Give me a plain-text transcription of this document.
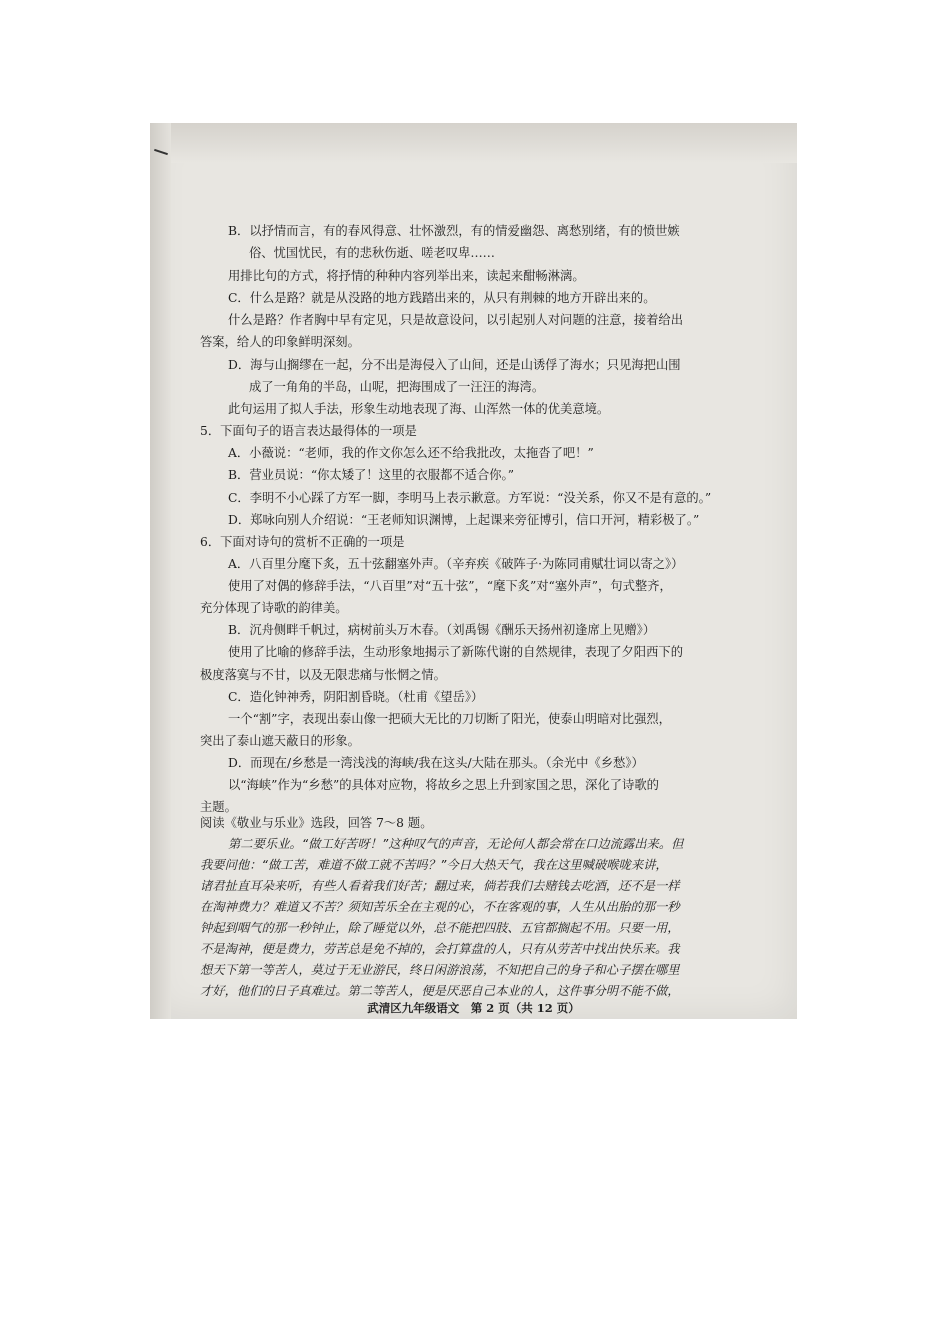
B．以抒情而言，有的春风得意、壮怀激烈，有的情爱幽怨、离愁别绪，有的愤世嫉
俗、忧国忧民，有的悲秋伤逝、嗟老叹卑……
用排比句的方式，将抒情的种种内容列举出来，读起来酣畅淋漓。
C．什么是路？就是从没路的地方践踏出来的，从只有荆棘的地方开辟出来的。
什么是路？作者胸中早有定见，只是故意设问，以引起别人对问题的注意，接着给出
答案，给人的印象鲜明深刻。
D．海与山搁缪在一起，分不出是海侵入了山间，还是山诱俘了海水；只见海把山围
成了一角角的半岛，山呢，把海围成了一汪汪的海湾。
此句运用了拟人手法，形象生动地表现了海、山浑然一体的优美意境。
5．下面句子的语言表达最得体的一项是
A．小薇说：“老师，我的作文你怎么还不给我批改，太拖沓了吧！”
B．营业员说：“你太矮了！这里的衣服都不适合你。”
C．李明不小心踩了方军一脚，李明马上表示歉意。方军说：“没关系，你又不是有意的。”
D．郑咏向别人介绍说：“王老师知识渊博，上起课来旁征博引，信口开河，精彩极了。”
6．下面对诗句的赏析不正确的一项是
A．八百里分麾下炙，五十弦翻塞外声。（辛弃疾《破阵子·为陈同甫赋壮词以寄之》）
使用了对偶的修辞手法，“八百里”对“五十弦”，“麾下炙”对“塞外声”，句式整齐，
充分体现了诗歌的韵律美。
B．沉舟侧畔千帆过，病树前头万木春。（刘禹锡《酬乐天扬州初逢席上见赠》）
使用了比喻的修辞手法，生动形象地揭示了新陈代谢的自然规律，表现了夕阳西下的
极度落寞与不甘，以及无限悲痛与怅惘之情。
C．造化钟神秀，阴阳割昏晓。（杜甫《望岳》）
一个“割”字，表现出泰山像一把硕大无比的刀切断了阳光，使泰山明暗对比强烈，
突出了泰山遮天蔽日的形象。
D．而现在/乡愁是一湾浅浅的海峡/我在这头/大陆在那头。（余光中《乡愁》）
以“海峡”作为“乡愁”的具体对应物，将故乡之思上升到家国之思，深化了诗歌的
主题。
阅读《敬业与乐业》选段，回答 7～8 题。
第二要乐业。“做工好苦呀！”这种叹气的声音，无论何人都会常在口边流露出来。但
我要问他：“做工苦，难道不做工就不苦吗？”今日大热天气，我在这里喊破喉咙来讲，
诸君扯直耳朵来听，有些人看着我们好苦；翻过来，倘若我们去赌钱去吃酒，还不是一样
在淘神费力？难道又不苦？须知苦乐全在主观的心，不在客观的事，人生从出胎的那一秒
钟起到咽气的那一秒钟止，除了睡觉以外，总不能把四肢、五官都搁起不用。只要一用，
不是淘神，便是费力，劳苦总是免不掉的，会打算盘的人，只有从劳苦中找出快乐来。我
想天下第一等苦人，莫过于无业游民，终日闲游浪荡，不知把自己的身子和心子摆在哪里
才好，他们的日子真难过。第二等苦人，便是厌恶自己本业的人，这件事分明不能不做，
武清区九年级语文　第 2 页（共 12 页）
